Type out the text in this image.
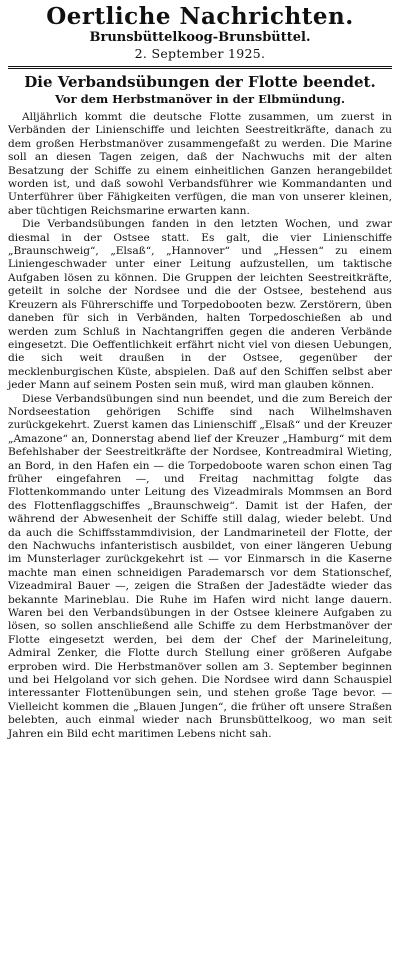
Oertliche Nachrichten.
Brunsbüttelkoog-Brunsbüttel.
2. September 1925.
Die Verbandsübungen der Flotte beendet.
Vor dem Herbstmanöver in der Elbmündung.

Alljährlich kommt die deutsche Flotte zusammen, um zuerst in Verbänden der Linienschiffe und leichten Seestreitkräfte, danach zu dem großen Herbstmanöver zusammengefaßt zu werden. Die Marine soll an diesen Tagen zeigen, daß der Nachwuchs mit der alten Besatzung der Schiffe zu einem einheitlichen Ganzen herangebildet worden ist, und daß sowohl Verbandsführer wie Kommandanten und Unterführer über Fähigkeiten verfügen, die man von unserer kleinen, aber tüchtigen Reichsmarine erwarten kann.

Die Verbandsübungen fanden in den letzten Wochen, und zwar diesmal in der Ostsee statt. Es galt, die vier Linienschiffe „Braunschweig“, „Elsaß“, „Hannover“ und „Hessen“ zu einem Liniengeschwader unter einer Leitung aufzustellen, um taktische Aufgaben lösen zu können. Die Gruppen der leichten Seestreitkräfte, geteilt in solche der Nordsee und die der Ostsee, bestehend aus Kreuzern als Führerschiffe und Torpedobooten bezw. Zerstörern, üben daneben für sich in Verbänden, halten Torpedoschießen ab und werden zum Schluß in Nachtangriffen gegen die anderen Verbände eingesetzt. Die Oeffentlichkeit erfährt nicht viel von diesen Uebungen, die sich weit draußen in der Ostsee, gegenüber der mecklenburgischen Küste, abspielen. Daß auf den Schiffen selbst aber jeder Mann auf seinem Posten sein muß, wird man glauben können.

Diese Verbandsübungen sind nun beendet, und die zum Bereich der Nordseestation gehörigen Schiffe sind nach Wilhelmshaven zurückgekehrt. Zuerst kamen das Linienschiff „Elsaß“ und der Kreuzer „Amazone“ an, Donnerstag abend lief der Kreuzer „Hamburg“ mit dem Befehlshaber der Seestreitkräfte der Nordsee, Kontreadmiral Wieting, an Bord, in den Hafen ein — die Torpedoboote waren schon einen Tag früher eingefahren —, und Freitag nachmittag folgte das Flottenkommando unter Leitung des Vizeadmirals Mommsen an Bord des Flottenflaggschiffes „Braunschweig“. Damit ist der Hafen, der während der Abwesenheit der Schiffe still dalag, wieder belebt. Und da auch die Schiffsstammdivision, der Landmarineteil der Flotte, der den Nachwuchs infanteristisch ausbildet, von einer längeren Uebung im Munsterlager zurückgekehrt ist — vor Einmarsch in die Kaserne machte man einen schneidigen Parademarsch vor dem Stationschef, Vizeadmiral Bauer —, zeigen die Straßen der Jadestädte wieder das bekannte Marineblau. Die Ruhe im Hafen wird nicht lange dauern. Waren bei den Verbandsübungen in der Ostsee kleinere Aufgaben zu lösen, so sollen anschließend alle Schiffe zu dem Herbstmanöver der Flotte eingesetzt werden, bei dem der Chef der Marineleitung, Admiral Zenker, die Flotte durch Stellung einer größeren Aufgabe erproben wird. Die Herbstmanöver sollen am 3. September beginnen und bei Helgoland vor sich gehen. Die Nordsee wird dann Schauspiel interessanter Flottenübungen sein, und stehen große Tage bevor. — Vielleicht kommen die „Blauen Jungen“, die früher oft unsere Straßen belebten, auch einmal wieder nach Brunsbüttelkoog, wo man seit Jahren ein Bild echt maritimen Lebens nicht sah.
